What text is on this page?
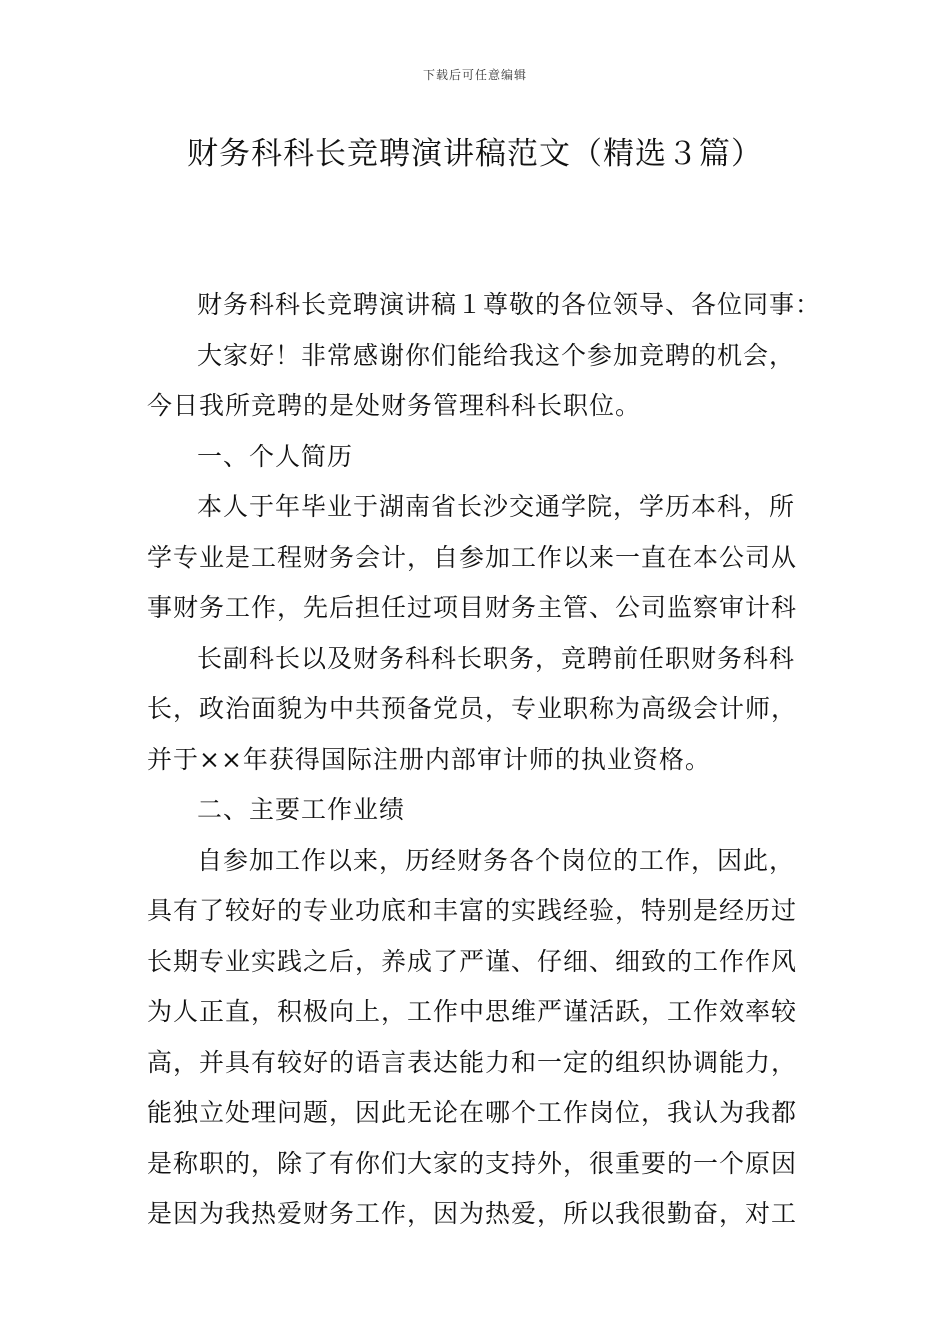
下载后可任意编辑
财务科科长竞聘演讲稿范文（精选３篇）
财务科科长竞聘演讲稿１尊敬的各位领导、各位同事：
大家好！非常感谢你们能给我这个参加竞聘的机会，
今日我所竞聘的是处财务管理科科长职位。
一、个人简历
本人于年毕业于湖南省长沙交通学院，学历本科，所
学专业是工程财务会计，自参加工作以来一直在本公司从
事财务工作，先后担任过项目财务主管、公司监察审计科
长副科长以及财务科科长职务，竞聘前任职财务科科
长，政治面貌为中共预备党员，专业职称为高级会计师，
并于××年获得国际注册内部审计师的执业资格。
二、主要工作业绩
自参加工作以来，历经财务各个岗位的工作，因此，
具有了较好的专业功底和丰富的实践经验，特别是经历过
长期专业实践之后，养成了严谨、仔细、细致的工作作风
为人正直，积极向上，工作中思维严谨活跃，工作效率较
高，并具有较好的语言表达能力和一定的组织协调能力，
能独立处理问题，因此无论在哪个工作岗位，我认为我都
是称职的，除了有你们大家的支持外，很重要的一个原因
是因为我热爱财务工作，因为热爱，所以我很勤奋，对工
